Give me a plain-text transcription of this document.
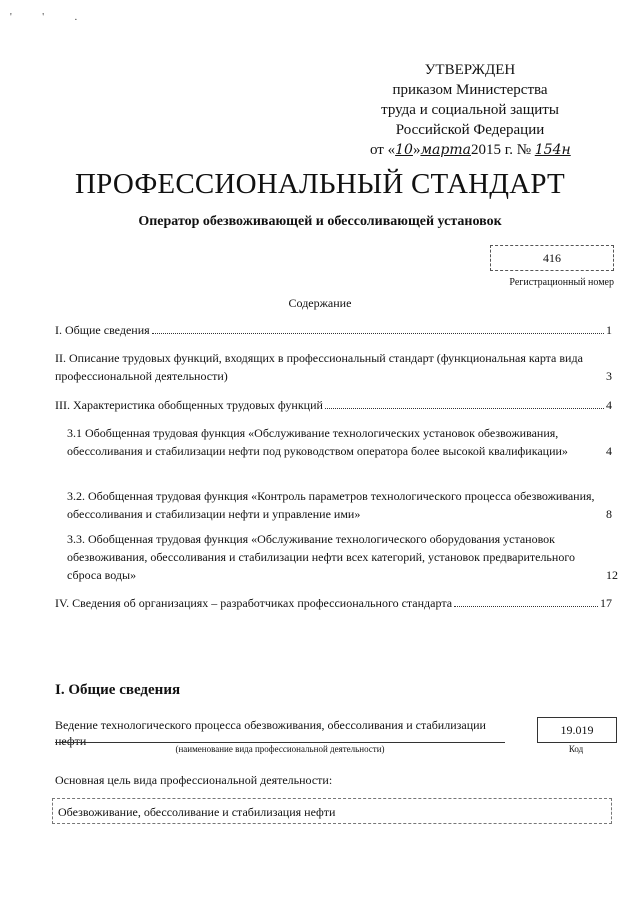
' ' .
УТВЕРЖДЕН
приказом Министерства
труда и социальной защиты
Российской Федерации
от «10»марта2015 г. № 154н
ПРОФЕССИОНАЛЬНЫЙ СТАНДАРТ
Оператор обезвоживающей и обессоливающей установок
416
Регистрационный номер
Содержание
I. Общие сведения	1
II. Описание трудовых функций, входящих в профессиональный стандарт (функциональная карта вида профессиональной деятельности)	3
III. Характеристика обобщенных трудовых функций	4
3.1 Обобщенная трудовая функция «Обслуживание технологических установок обезвоживания, обессоливания и стабилизации нефти под руководством оператора более высокой квалификации»	4
3.2. Обобщенная трудовая функция «Контроль параметров технологического процесса обезвоживания, обессоливания и стабилизации нефти и управление ими»	8
3.3. Обобщенная трудовая функция «Обслуживание технологического оборудования установок обезвоживания, обессоливания и стабилизации нефти всех категорий, установок предварительного сброса воды»	12
IV. Сведения об организациях – разработчиках профессионального стандарта	17
I. Общие сведения
Ведение технологического процесса обезвоживания, обессоливания и стабилизации нефти
(наименование вида профессиональной деятельности)
19.019
Код
Основная цель вида профессиональной деятельности:
Обезвоживание, обессоливание и стабилизация нефти
